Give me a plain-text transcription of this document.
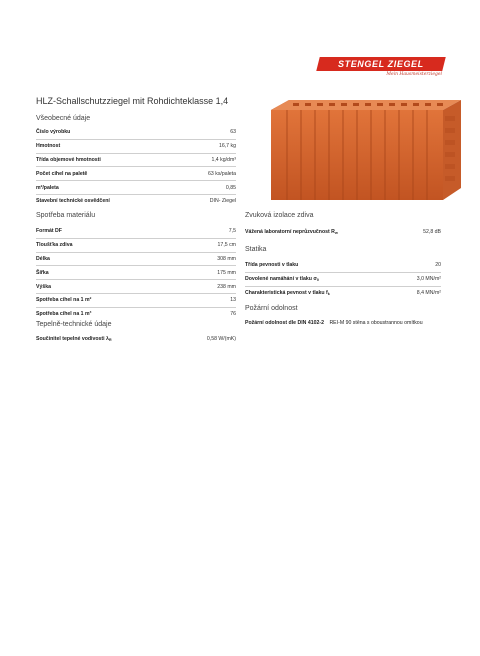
STENGEL ZIEGEL
Mein Hausmeisterziegel
HLZ-Schallschutzziegel mit Rohdichteklasse 1,4
Všeobecné údaje
Číslo výrobku	63
Hmotnost	16,7 kg
Třída objemové hmotnosti	1,4 kg/dm³
Počet cihel na paletě	63 ks/paleta
m²/paleta	0,85
Stavební technické osvědčení	DIN- Ziegel
Spotřeba materiálu
Formát DF	7,5
Tloušťka zdiva	17,5 cm
Délka	308 mm
Šířka	175 mm
Výška	238 mm
Spotřeba cihel na 1 m²	13
Spotřeba cihel na 1 m³	76
Tepelně-technické údaje
Součinitel tepelné vodivosti $\lambda_R$	0,58 W/(mK)
Zvuková izolace zdiva
Vážená laboratorní neprůzvučnost $R_w$	52,8 dB
Statika
Třída pevnosti v tlaku	20
Dovolené namáhání v tlaku $\sigma_0$	3,0 MN/m²
Charakteristická pevnost v tlaku $f_k$	8,4 MN/m²
Požární odolnost
Požární odolnost dle DIN 4102-2 REI-M 90 stěna s oboustrannou omítkou
